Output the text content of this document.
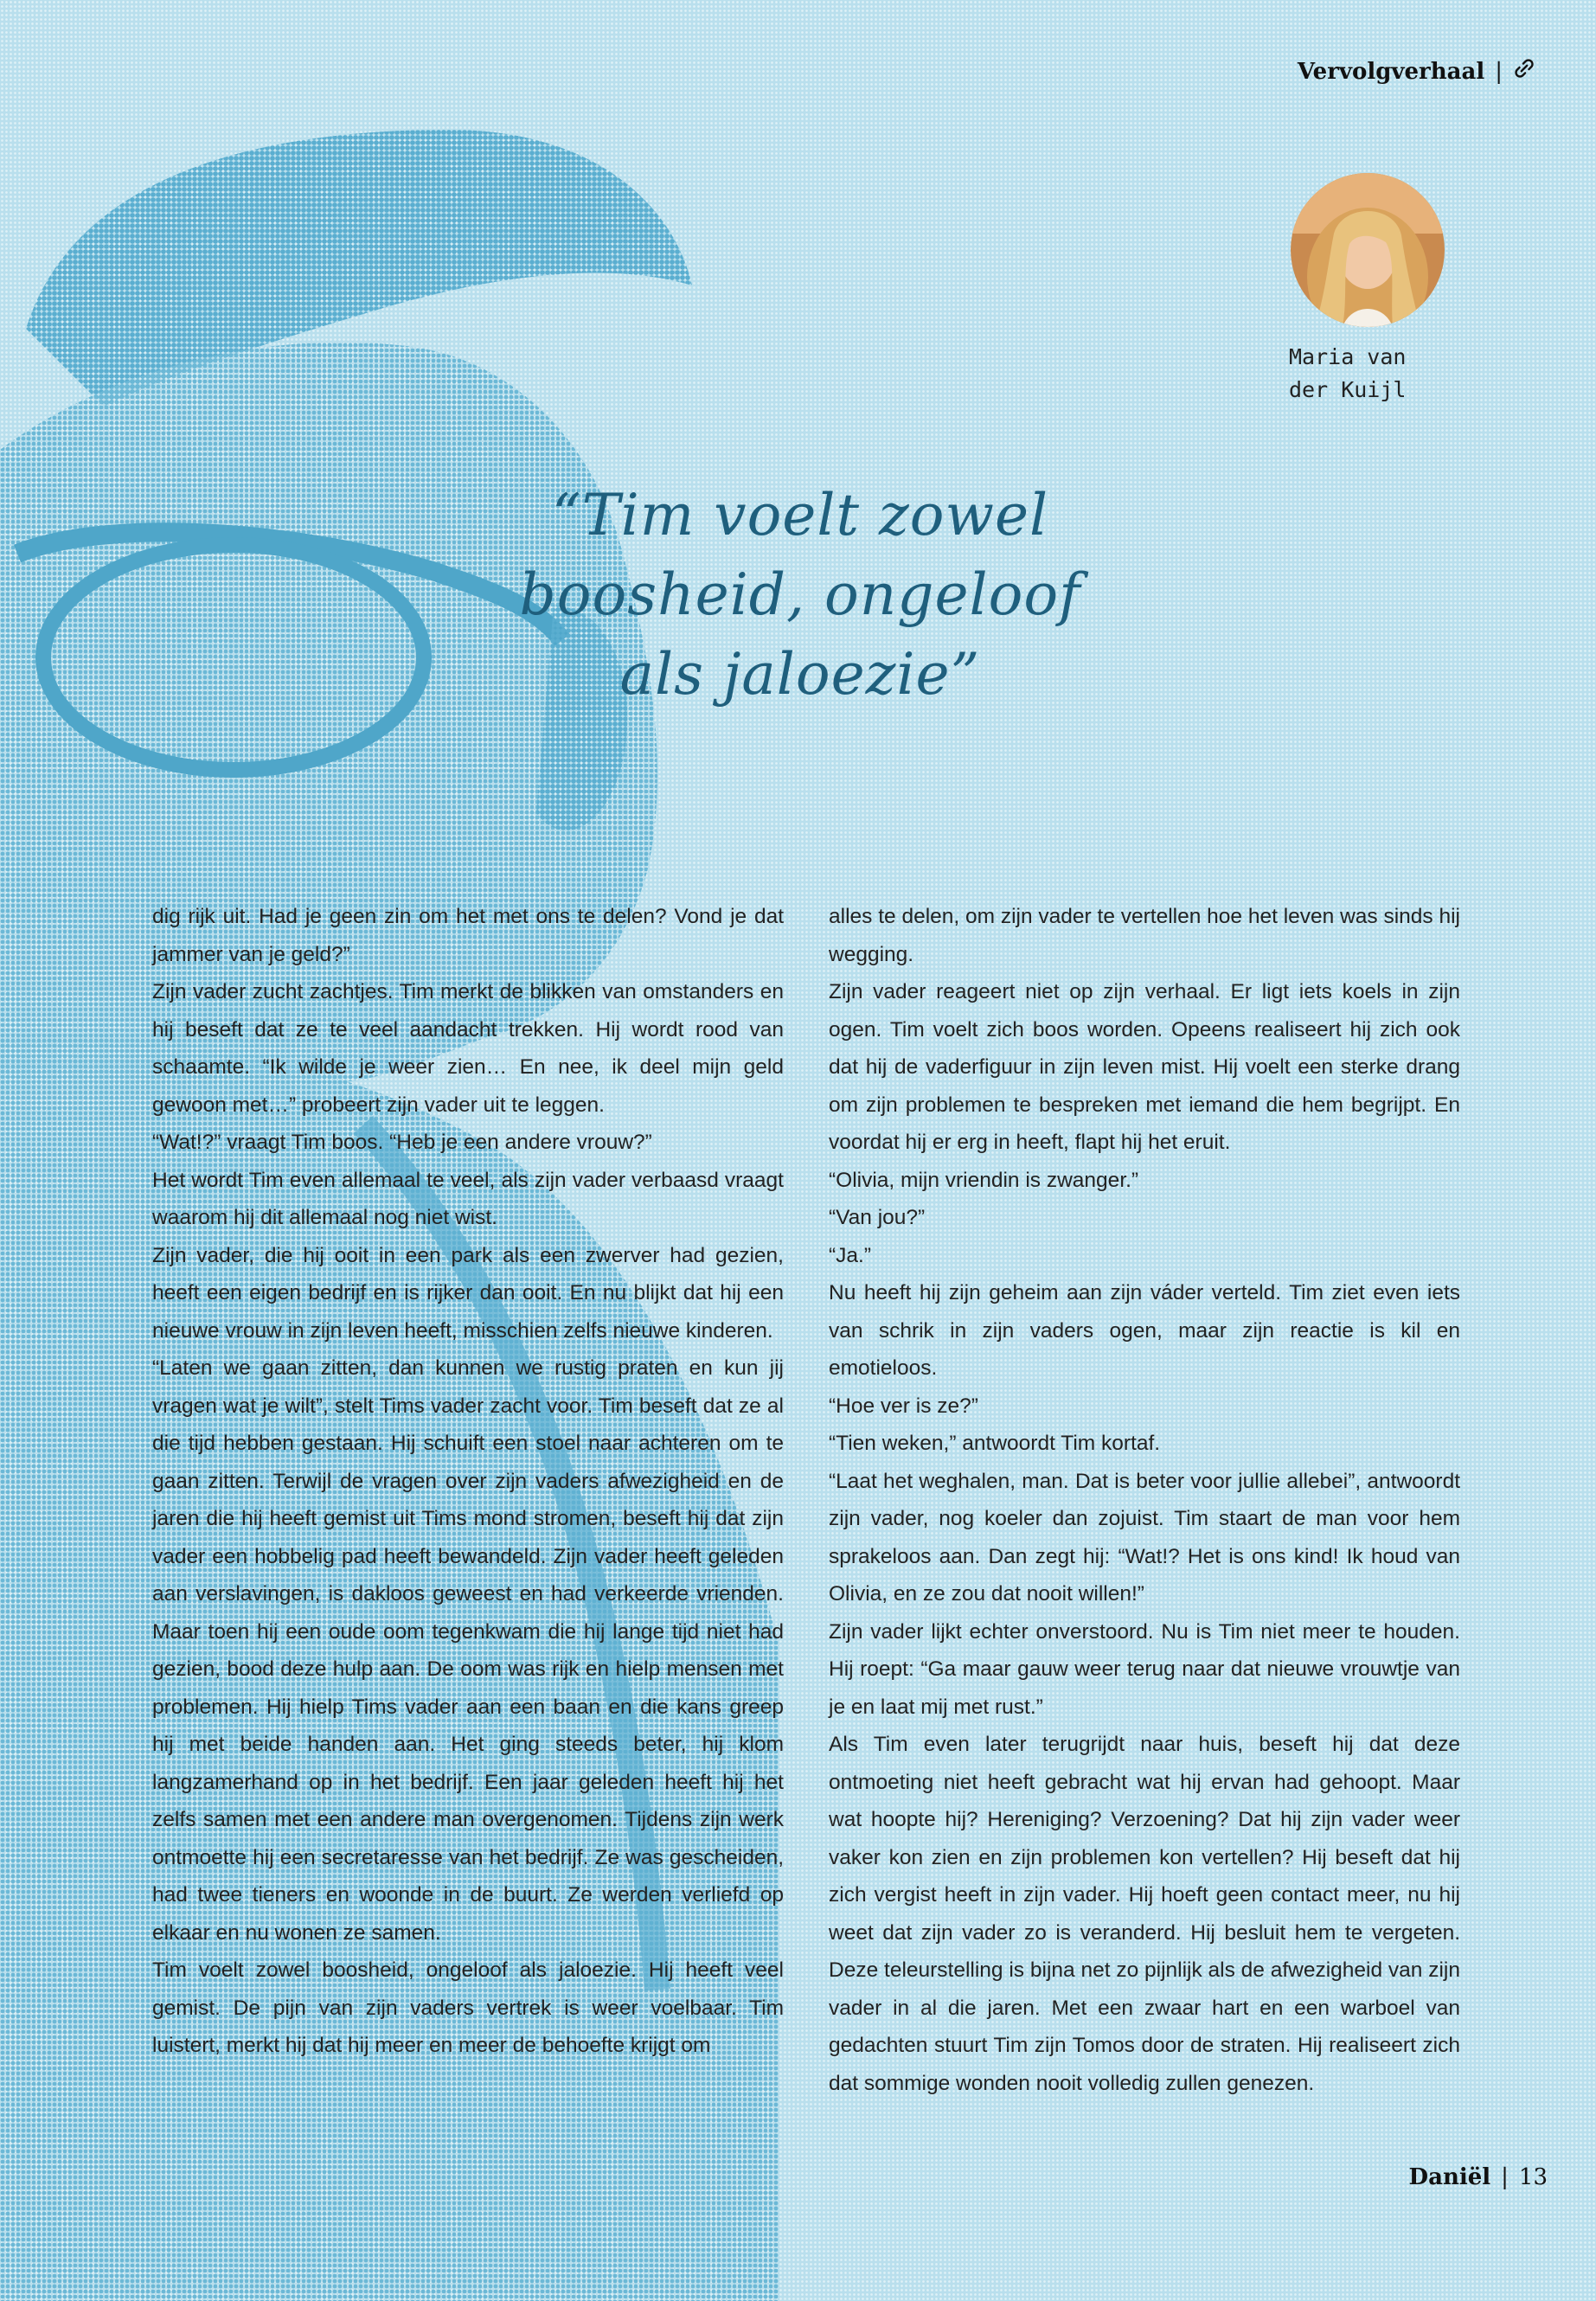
Vervolgverhaal |
Maria van
der Kuijl
“Tim voelt zowel
boosheid, ongeloof
als jaloezie”

dig rijk uit. Had je geen zin om het met ons te delen? Vond je dat jammer van je geld?”

Zijn vader zucht zachtjes. Tim merkt de blikken van omstanders en hij beseft dat ze te veel aandacht trekken. Hij wordt rood van schaamte. “Ik wilde je weer zien… En nee, ik deel mijn geld gewoon met…” probeert zijn vader uit te leggen.

“Wat!?” vraagt Tim boos. “Heb je een andere vrouw?”

Het wordt Tim even allemaal te veel, als zijn vader verbaasd vraagt waarom hij dit allemaal nog niet wist.

Zijn vader, die hij ooit in een park als een zwerver had gezien, heeft een eigen bedrijf en is rijker dan ooit. En nu blijkt dat hij een nieuwe vrouw in zijn leven heeft, misschien zelfs nieuwe kinderen.

“Laten we gaan zitten, dan kunnen we rustig praten en kun jij vragen wat je wilt”, stelt Tims vader zacht voor. Tim beseft dat ze al die tijd hebben gestaan. Hij schuift een stoel naar achteren om te gaan zitten. Terwijl de vragen over zijn vaders afwezigheid en de jaren die hij heeft gemist uit Tims mond stromen, beseft hij dat zijn vader een hobbelig pad heeft bewandeld. Zijn vader heeft geleden aan verslavingen, is dakloos geweest en had verkeerde vrienden. Maar toen hij een oude oom tegenkwam die hij lange tijd niet had gezien, bood deze hulp aan. De oom was rijk en hielp mensen met problemen. Hij hielp Tims vader aan een baan en die kans greep hij met beide handen aan. Het ging steeds beter, hij klom langzamerhand op in het bedrijf. Een jaar geleden heeft hij het zelfs samen met een andere man overgenomen. Tijdens zijn werk ontmoette hij een secretaresse van het bedrijf. Ze was gescheiden, had twee tieners en woonde in de buurt. Ze werden verliefd op elkaar en nu wonen ze samen.

Tim voelt zowel boosheid, ongeloof als jaloezie. Hij heeft veel gemist. De pijn van zijn vaders vertrek is weer voelbaar. Tim luistert, merkt hij dat hij meer en meer de behoefte krijgt om

alles te delen, om zijn vader te vertellen hoe het leven was sinds hij wegging.

Zijn vader reageert niet op zijn verhaal. Er ligt iets koels in zijn ogen. Tim voelt zich boos worden. Opeens realiseert hij zich ook dat hij de vaderfiguur in zijn leven mist. Hij voelt een sterke drang om zijn problemen te bespreken met iemand die hem begrijpt. En voordat hij er erg in heeft, flapt hij het eruit.

“Olivia, mijn vriendin is zwanger.”

“Van jou?”

“Ja.”

Nu heeft hij zijn geheim aan zijn váder verteld. Tim ziet even iets van schrik in zijn vaders ogen, maar zijn reactie is kil en emotieloos.

“Hoe ver is ze?”

“Tien weken,” antwoordt Tim kortaf.

“Laat het weghalen, man. Dat is beter voor jullie allebei”, antwoordt zijn vader, nog koeler dan zojuist. Tim staart de man voor hem sprakeloos aan. Dan zegt hij: “Wat!? Het is ons kind! Ik houd van Olivia, en ze zou dat nooit willen!”

Zijn vader lijkt echter onverstoord. Nu is Tim niet meer te houden. Hij roept: “Ga maar gauw weer terug naar dat nieuwe vrouwtje van je en laat mij met rust.”

Als Tim even later terugrijdt naar huis, beseft hij dat deze ontmoeting niet heeft gebracht wat hij ervan had gehoopt. Maar wat hoopte hij? Hereniging? Verzoening? Dat hij zijn vader weer vaker kon zien en zijn problemen kon vertellen? Hij beseft dat hij zich vergist heeft in zijn vader. Hij hoeft geen contact meer, nu hij weet dat zijn vader zo is veranderd. Hij besluit hem te vergeten. Deze teleurstelling is bijna net zo pijnlijk als de afwezigheid van zijn vader in al die jaren. Met een zwaar hart en een warboel van gedachten stuurt Tim zijn Tomos door de straten. Hij realiseert zich dat sommige wonden nooit volledig zullen genezen.

Daniël | 13
